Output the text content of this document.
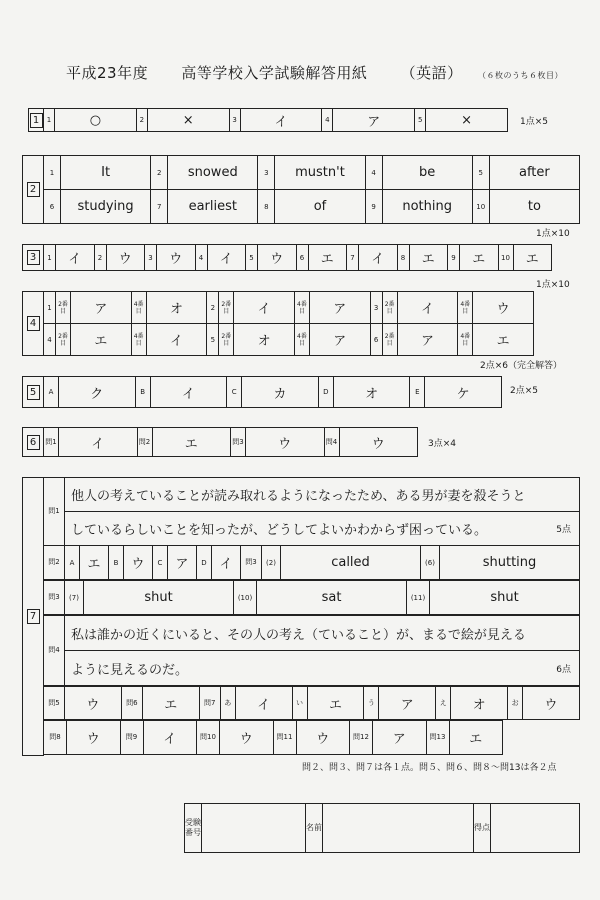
平成23年度 高等学校入学試験解答用紙 （英語） （６枚のうち６枚目）
1	1	○	2	×	3	イ	4	ア	5	×	1点×5
2	1	It	2	snowed	3	mustn't	4	be	5	after
	6	studying	7	earliest	8	of	9	nothing	10	to
1点×10
3	1	イ	2	ウ	3	ウ	4	イ	5	ウ	6	エ	7	イ	8	エ	9	エ	10	エ
1点×10
4	1	2番目	ア	4番目	オ	2	2番目	イ	4番目	ア	3	2番目	イ	4番目	ウ
	4	2番目	エ	4番目	イ	5	2番目	オ	4番目	ア	6	2番目	ア	4番目	エ
2点×6（完全解答）
5	A	ク	B	イ	C	カ	D	オ	E	ケ	2点×5
6	問1	イ	問2	エ	問3	ウ	問4	ウ	3点×4
7
問1	他人の考えていることが読み取れるようになったため、ある男が妻を殺そうと
しているらしいことを知ったが、どうしてよいかわからず困っている。	5点
問2	A	エ	B	ウ	C	ア	D	イ	問3	(2)	called	(6)	shutting
問3	(7)	shut	(10)	sat	(11)	shut
問4	私は誰かの近くにいると、その人の考え（ていること）が、まるで絵が見える
ように見えるのだ。	6点
問5	ウ	問6	エ	問7	あ	イ	い	エ	う	ア	え	オ	お	ウ
問8	ウ	問9	イ	問10	ウ	問11	ウ	問12	ア	問13	エ
問２、問３、問７は各１点。問５、問６、問８～問13は各２点
受験番号		名前		得点	
